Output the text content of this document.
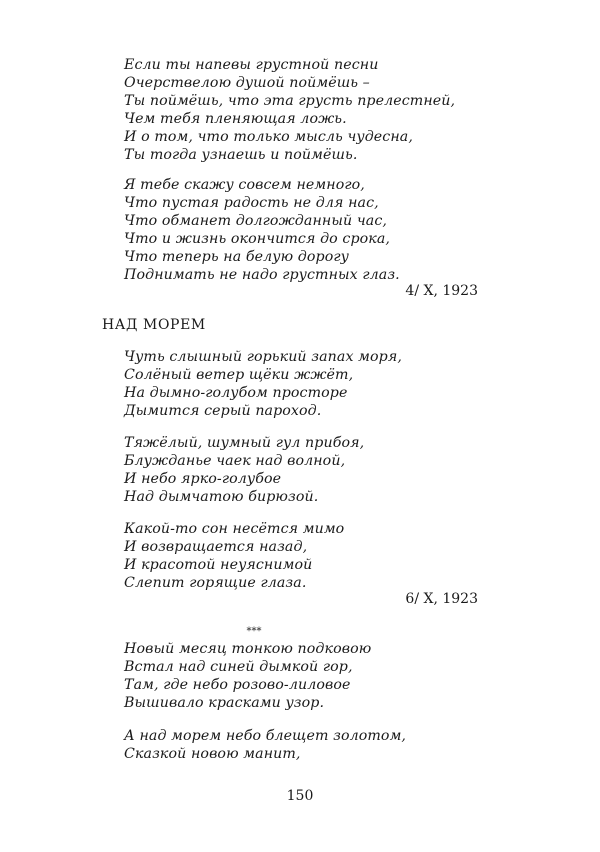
Если ты напевы грустной песни
Очерствелою душой поймёшь –
Ты поймёшь, что эта грусть прелестней,
Чем тебя пленяющая ложь.
И о том, что только мысль чудесна,
Ты тогда узнаешь и поймёшь.
Я тебе скажу совсем немного,
Что пустая радость не для нас,
Что обманет долгожданный час,
Что и жизнь окончится до срока,
Что теперь на белую дорогу
Поднимать не надо грустных глаз.
4/ X, 1923
НАД МОРЕМ
Чуть слышный горький запах моря,
Солёный ветер щёки жжёт,
На дымно-голубом просторе
Дымится серый пароход.
Тяжёлый, шумный гул прибоя,
Блужданье чаек над волной,
И небо ярко-голубое
Над дымчатою бирюзой.
Какой-то сон несётся мимо
И возвращается назад,
И красотой неуяснимой
Слепит горящие глаза.
6/ X, 1923
***
Новый месяц тонкою подковою
Встал над синей дымкой гор,
Там, где небо розово-лиловое
Вышивало красками узор.
А над морем небо блещет золотом,
Сказкой новою манит,
150
